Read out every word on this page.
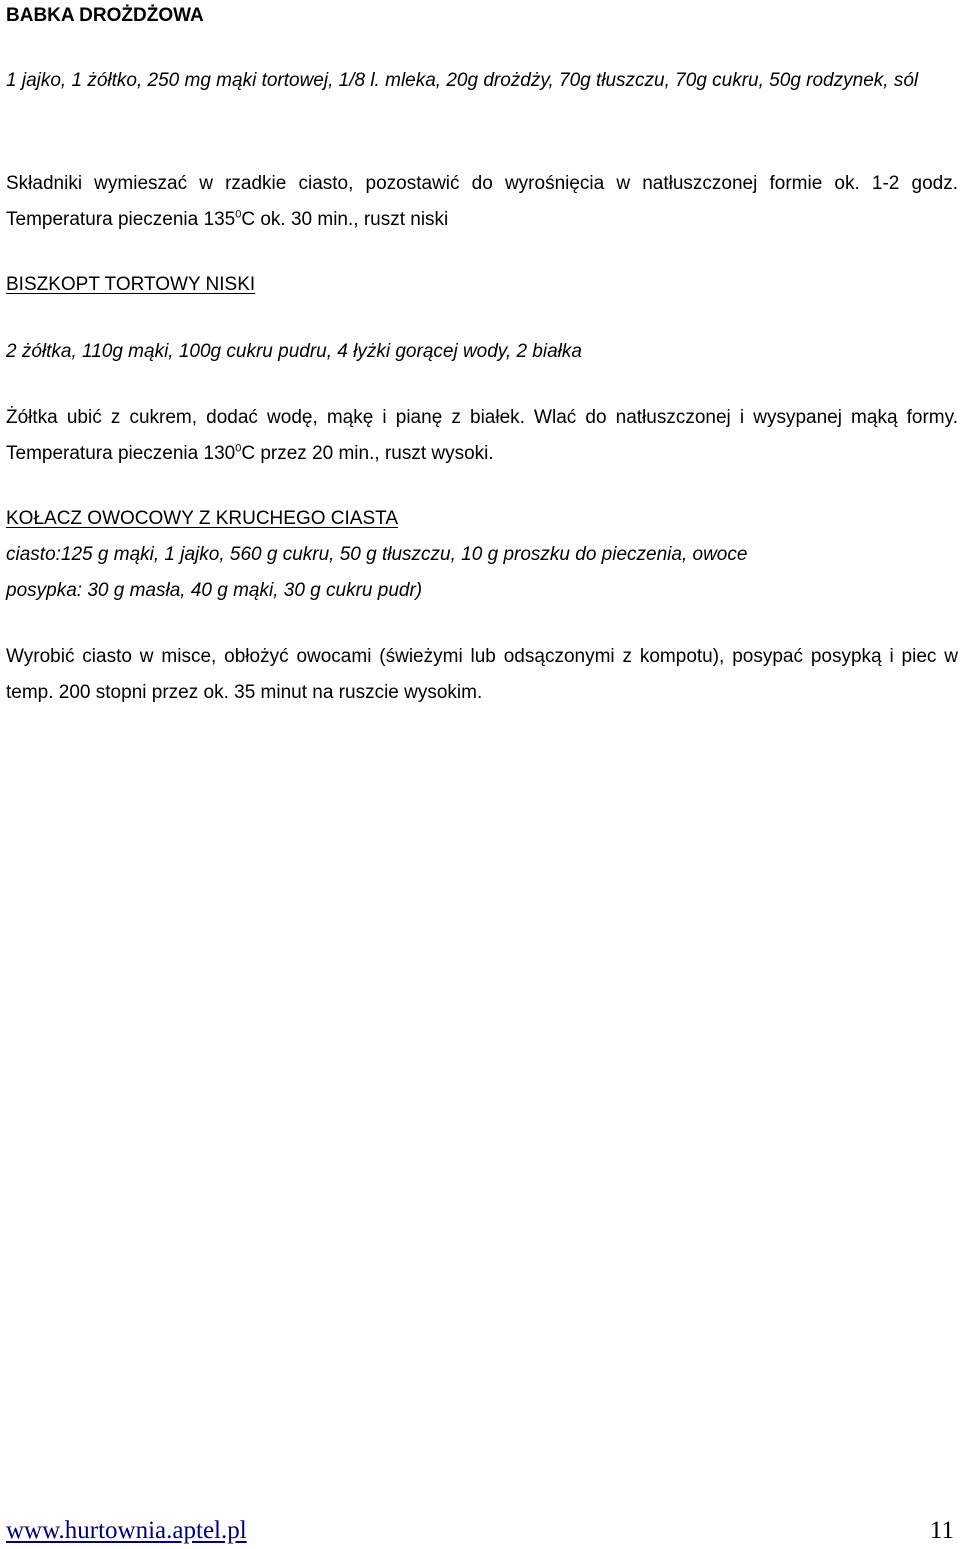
BABKA DROŻDŻOWA
1 jajko, 1 żółtko, 250 mg mąki tortowej, 1/8 l. mleka, 20g drożdży, 70g tłuszczu, 70g cukru, 50g rodzynek, sól
Składniki wymieszać w rzadkie ciasto, pozostawić do wyrośnięcia w natłuszczonej formie ok. 1-2 godz. Temperatura pieczenia $135^0C$ ok. 30 min., ruszt niski
BISZKOPT TORTOWY NISKI
2 żółtka, 110g mąki, 100g cukru pudru, 4 łyżki gorącej wody, 2 białka
Żółtka ubić z cukrem, dodać wodę, mąkę i pianę z białek. Wlać do natłuszczonej i wysypanej mąką formy. Temperatura pieczenia $130^0C$ przez 20 min., ruszt wysoki.
KOŁACZ OWOCOWY Z KRUCHEGO CIASTA
ciasto:125 g mąki, 1 jajko, 560 g cukru, 50 g tłuszczu, 10 g proszku do pieczenia, owoce
posypka: 30 g masła, 40 g mąki, 30 g cukru pudr)
Wyrobić ciasto w misce, obłożyć owocami (świeżymi lub odsączonymi z kompotu), posypać posypką i piec w temp. 200 stopni przez ok. 35 minut na ruszcie wysokim.
www.hurtownia.aptel.pl	11
